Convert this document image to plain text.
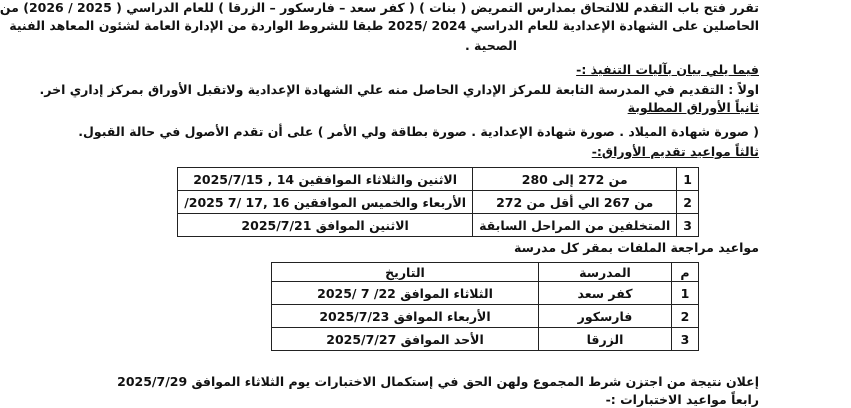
تقرر فتح باب التقدم للالتحاق بمدارس التمريض ( بنات ) ( كفر سعد – فارسكور – الزرقا ) للعام الدراسي ( 2025 / 2026) من
الحاصلين على الشهادة الإعدادية للعام الدراسي 2024 /2025 طبقا للشروط الواردة من الإدارة العامة لشئون المعاهد الفنية
الصحية .
فيما يلي بيان بآليات التنفيذ :-
اولاً : التقديم في المدرسة التابعة للمركز الإداري الحاصل منه علي الشهادة الإعدادية ولاتقبل الأوراق بمركز إداري اخر.
ثانياً الأوراق المطلوبة
( صورة شهادة الميلاد . صورة شهادة الإعدادية . صورة بطاقة ولي الأمر ) على أن تقدم الأصول في حالة القبول.
ثالثاً مواعيد تقديم الأوراق:-
1	من 272 إلى 280	الاثنين والثلاثاء الموافقين 14 , 2025/7/15
2	من 267 الي أقل من 272	الأربعاء والخميس الموافقين 16 ,17 /7 2025/
3	المتخلفين من المراحل السابقة	الاثنين الموافق 2025/7/21
مواعيد مراجعة الملفات بمقر كل مدرسة
م	المدرسة	التاريخ
1	كفر سعد	الثلاثاء الموافق 22/ 7 /2025
2	فارسكور	الأربعاء الموافق 2025/7/23
3	الزرقا	الأحد الموافق 2025/7/27
إعلان نتيجة من اجتزن شرط المجموع ولهن الحق في إستكمال الاختبارات يوم الثلاثاء الموافق 2025/7/29
رابعاً مواعيد الاختبارات :-
